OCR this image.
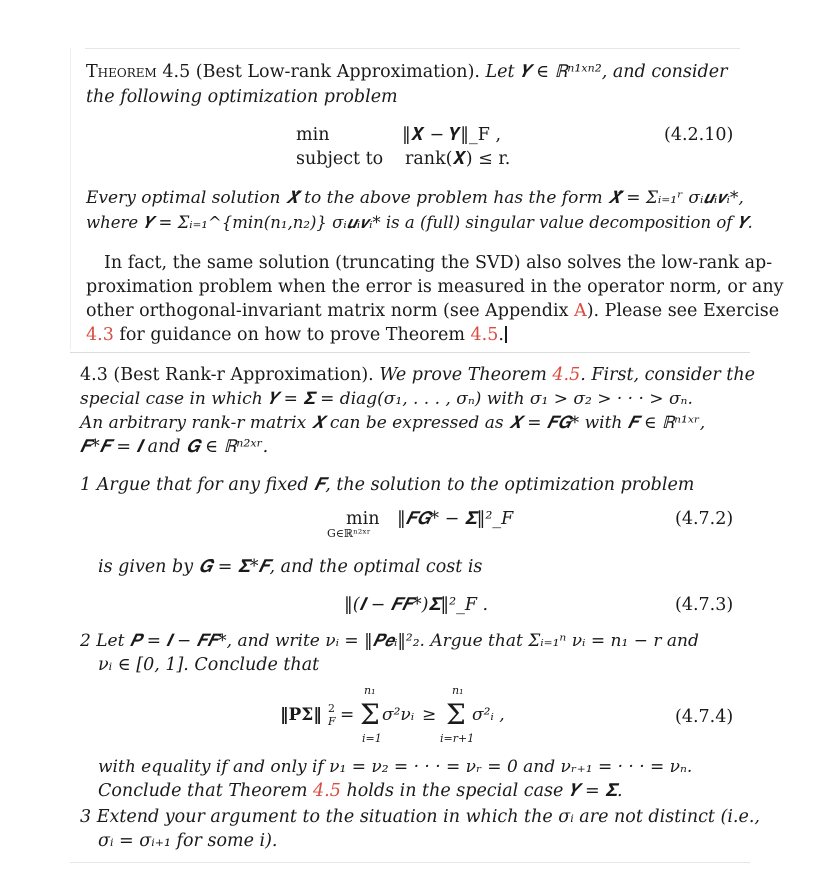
Theorem 4.5 (Best Low-rank Approximation). Let 𝒀 ∈ ℝⁿ¹ˣⁿ², and consider
the following optimization problem
min	‖𝑿 − 𝒀‖_F ,	(4.2.10)
subject to rank(𝑿) ≤ r.
Every optimal solution 𝑿̂ to the above problem has the form 𝑿̂ = Σᵢ₌₁ʳ σᵢ𝒖ᵢ𝒗ᵢ*,
where 𝒀 = Σᵢ₌₁^{min(n₁,n₂)} σᵢ𝒖ᵢ𝒗ᵢ* is a (full) singular value decomposition of 𝒀.
In fact, the same solution (truncating the SVD) also solves the low-rank ap-
proximation problem when the error is measured in the operator norm, or any
other orthogonal-invariant matrix norm (see Appendix A). Please see Exercise
4.3 for guidance on how to prove Theorem 4.5.
4.3 (Best Rank-r Approximation). We prove Theorem 4.5. First, consider the
special case in which 𝒀 = 𝚺 = diag(σ₁, . . . , σₙ) with σ₁ > σ₂ > · · · > σₙ.
An arbitrary rank-r matrix 𝑿 can be expressed as 𝑿 = 𝑭𝑮* with 𝑭 ∈ ℝⁿ¹ˣʳ,
𝑭*𝑭 = 𝑰 and 𝑮 ∈ ℝⁿ²ˣʳ.
1 Argue that for any fixed 𝑭, the solution to the optimization problem
min
G∈ℝⁿ²ˣʳ
‖𝑭𝑮* − 𝚺‖²_F	(4.7.2)
is given by 𝑮̂ = 𝚺*𝑭, and the optimal cost is
‖(𝑰 − 𝑭𝑭*)𝚺‖²_F .	(4.7.3)
2 Let 𝑷 = 𝑰 − 𝑭𝑭*, and write νᵢ = ‖𝑷𝒆ᵢ‖²₂. Argue that Σᵢ₌₁ⁿ νᵢ = n₁ − r and
νᵢ ∈ [0, 1]. Conclude that
‖PΣ‖ 2
F = Σ
n₁
i=1
σ²νᵢ ≥ Σ
n₁
i=r+1
σ²ᵢ ,	(4.7.4)
with equality if and only if ν₁ = ν₂ = · · · = νᵣ = 0 and νᵣ₊₁ = · · · = νₙ.
Conclude that Theorem 4.5 holds in the special case 𝒀 = 𝚺.
3 Extend your argument to the situation in which the σᵢ are not distinct (i.e.,
σᵢ = σᵢ₊₁ for some i).
